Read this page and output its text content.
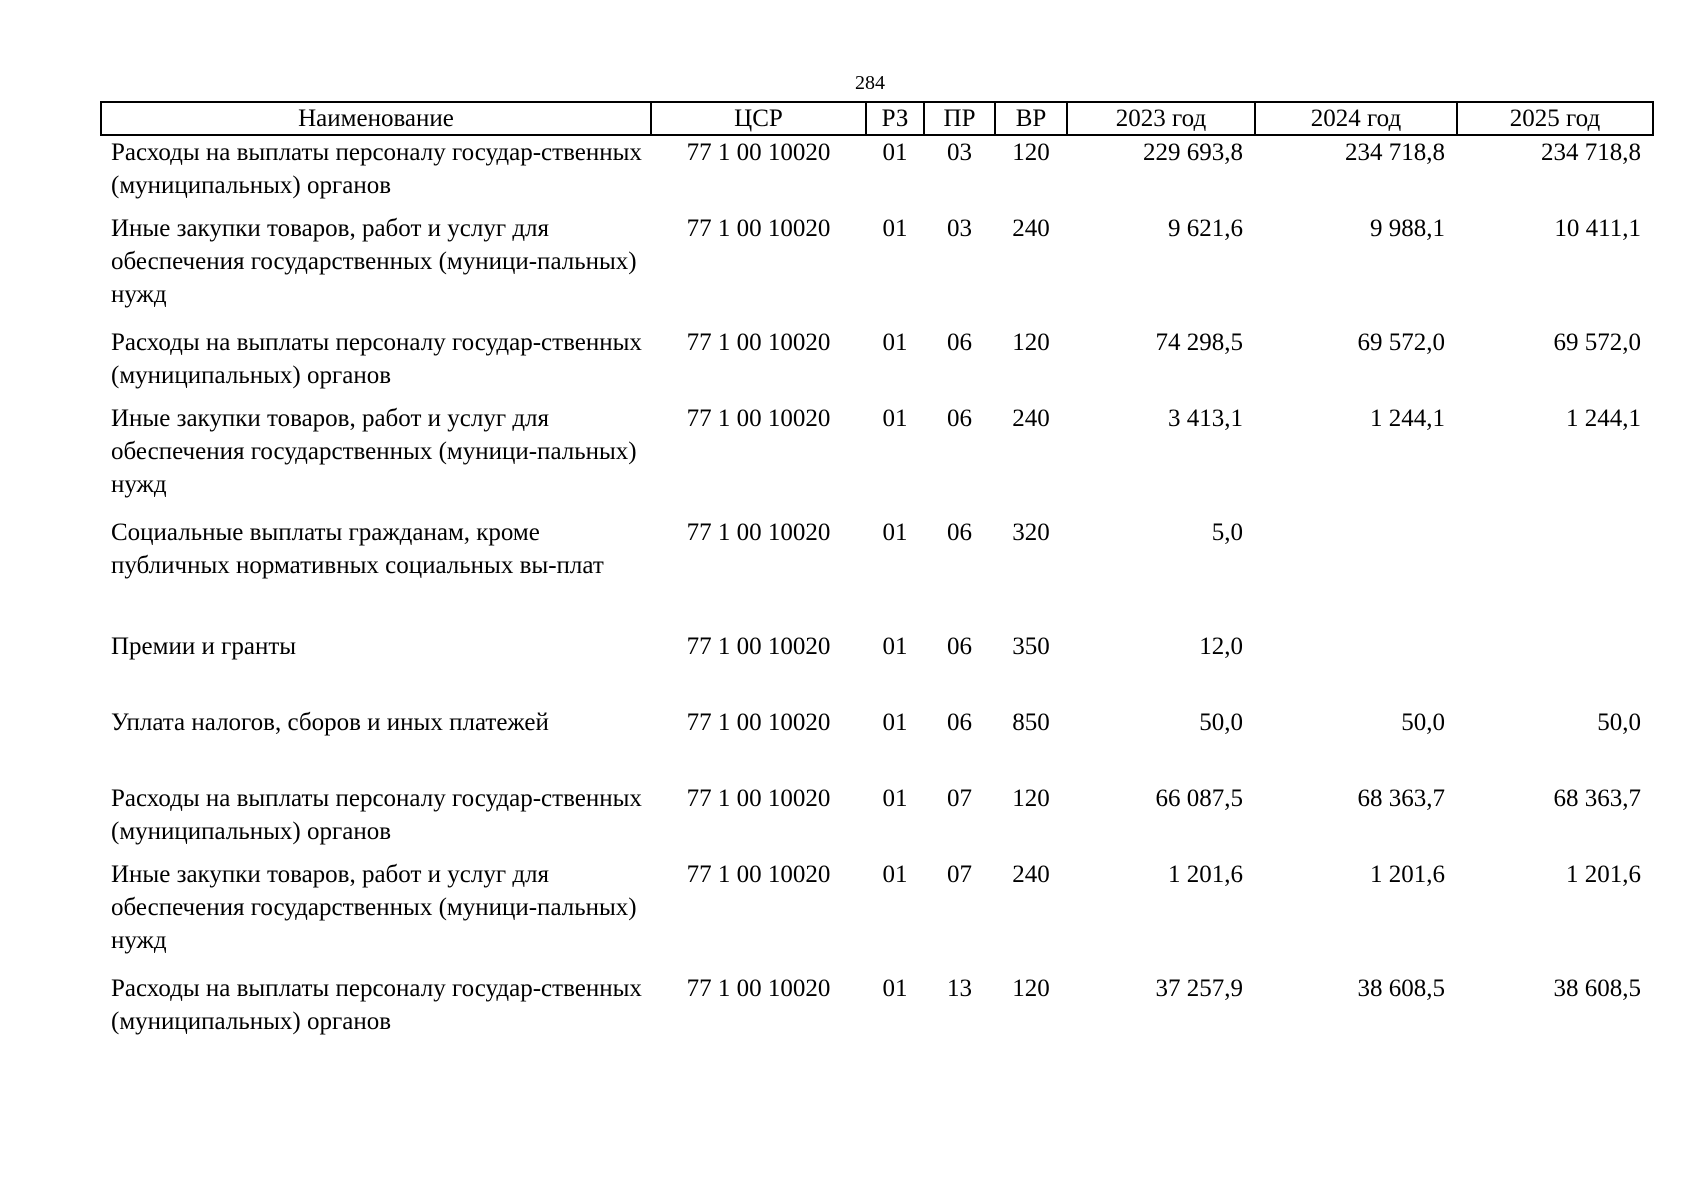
284
Наименование	ЦСР	РЗ	ПР	ВР	2023 год	2024 год	2025 год
Расходы на выплаты персоналу государ-ственных (муниципальных) органов	77 1 00 10020	01	03	120	229 693,8	234 718,8	234 718,8
Иные закупки товаров, работ и услуг для обеспечения государственных (муници-пальных) нужд	77 1 00 10020	01	03	240	9 621,6	9 988,1	10 411,1
Расходы на выплаты персоналу государ-ственных (муниципальных) органов	77 1 00 10020	01	06	120	74 298,5	69 572,0	69 572,0
Иные закупки товаров, работ и услуг для обеспечения государственных (муници-пальных) нужд	77 1 00 10020	01	06	240	3 413,1	1 244,1	1 244,1
Социальные выплаты гражданам, кроме публичных нормативных социальных вы-плат	77 1 00 10020	01	06	320	5,0		
Премии и гранты	77 1 00 10020	01	06	350	12,0		
Уплата налогов, сборов и иных платежей	77 1 00 10020	01	06	850	50,0	50,0	50,0
Расходы на выплаты персоналу государ-ственных (муниципальных) органов	77 1 00 10020	01	07	120	66 087,5	68 363,7	68 363,7
Иные закупки товаров, работ и услуг для обеспечения государственных (муници-пальных) нужд	77 1 00 10020	01	07	240	1 201,6	1 201,6	1 201,6
Расходы на выплаты персоналу государ-ственных (муниципальных) органов	77 1 00 10020	01	13	120	37 257,9	38 608,5	38 608,5
